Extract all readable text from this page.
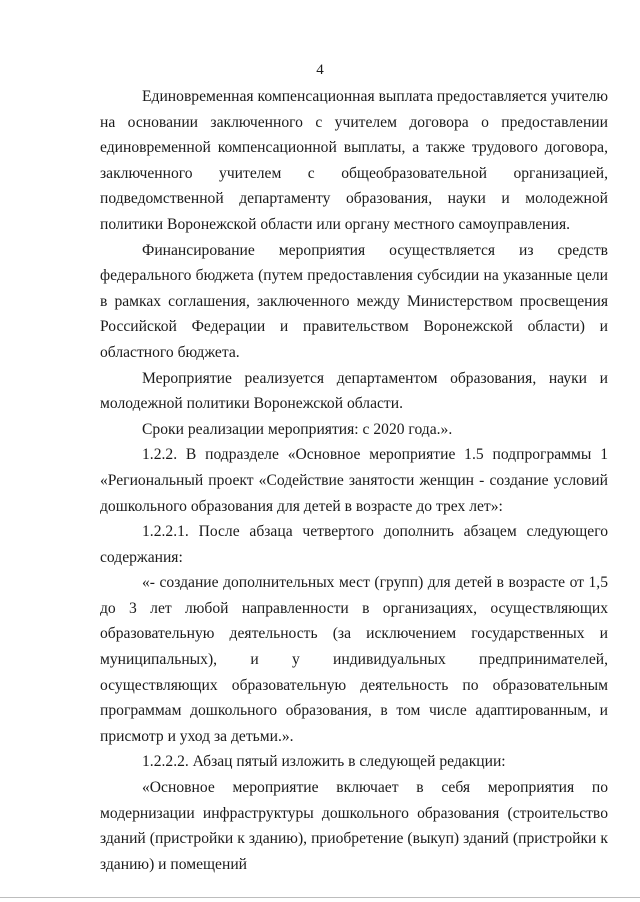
4

Единовременная компенсационная выплата предоставляется учителю на основании заключенного с учителем договора о предоставлении единовременной компенсационной выплаты, а также трудового договора, заключенного учителем с общеобразовательной организацией, подведомственной департаменту образования, науки и молодежной политики Воронежской области или органу местного самоуправления.

Финансирование мероприятия осуществляется из средств федерального бюджета (путем предоставления субсидии на указанные цели в рамках соглашения, заключенного между Министерством просвещения Российской Федерации и правительством Воронежской области) и областного бюджета.

Мероприятие реализуется департаментом образования, науки и молодежной политики Воронежской области.

Сроки реализации мероприятия: с 2020 года.».

1.2.2. В подразделе «Основное мероприятие 1.5 подпрограммы 1 «Региональный проект «Содействие занятости женщин - создание условий дошкольного образования для детей в возрасте до трех лет»:

1.2.2.1. После абзаца четвертого дополнить абзацем следующего содержания:

«- создание дополнительных мест (групп) для детей в возрасте от 1,5 до 3 лет любой направленности в организациях, осуществляющих образовательную деятельность (за исключением государственных и муниципальных), и у индивидуальных предпринимателей, осуществляющих образовательную деятельность по образовательным программам дошкольного образования, в том числе адаптированным, и присмотр и уход за детьми.».

1.2.2.2. Абзац пятый изложить в следующей редакции:

«Основное мероприятие включает в себя мероприятия по модернизации инфраструктуры дошкольного образования (строительство зданий (пристройки к зданию), приобретение (выкуп) зданий (пристройки к зданию) и помещений
